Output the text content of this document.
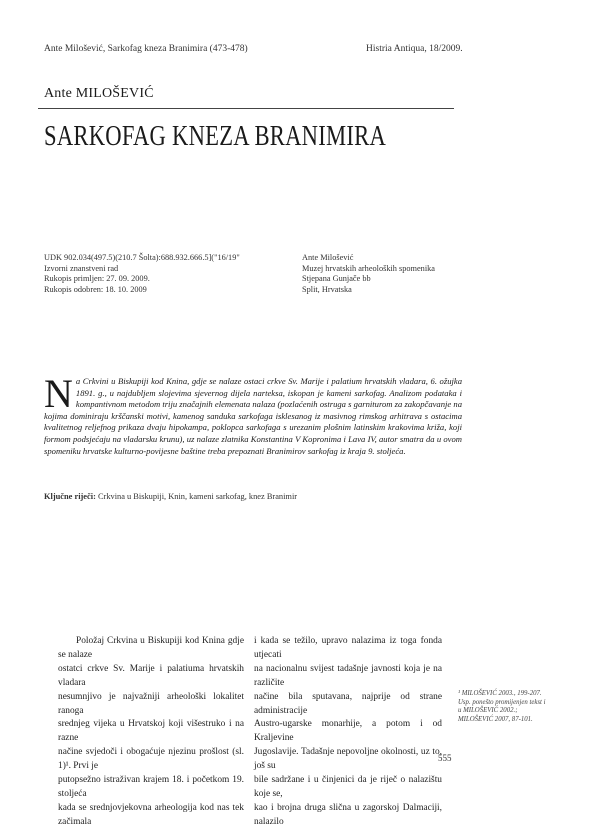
Ante Milošević, Sarkofag kneza Branimira (473-478)	Histria Antiqua, 18/2009.
Ante MILOŠEVIĆ
SARKOFAG KNEZA BRANIMIRA
UDK 902.034(497.5)(210.7 Šolta):688.932.666.5]("16/19"
Izvorni znanstveni rad
Rukopis primljen: 27. 09. 2009.
Rukopis odobren: 18. 10. 2009
Ante Milošević
Muzej hrvatskih arheoloških spomenika
Stjepana Gunjače bb
Split, Hrvatska
Na Crkvini u Biskupiji kod Knina, gdje se nalaze ostaci crkve Sv. Marije i palatium hrvatskih vladara, 6. ožujka 1891. g., u najdubljem slojevima sjevernog dijela narteksa, iskopan je kameni sarkofag. Analizom podataka i kompantivnom metodom triju značajnih elemenata nalaza (pozlaćenih ostruga s garniturom za zakopčavanje na kojima dominiraju krščanski motivi, kamenog sanduka sarkofaga isklesanog iz masivnog rimskog arhitrava s ostacima kvalitetnog reljefnog prikaza dvaju hipokampa, poklopca sarkofaga s urezanim plošnim latinskim krakovima križa, koji formom podsjećaju na vladarsku krunu), uz nalaze zlatnika Konstantina V Kopronima i Lava IV, autor smatra da u ovom spomeniku hrvatske kulturno-povijesne baštine treba prepoznati Branimirov sarkofag iz kraja 9. stoljeća.
Ključne riječi: Crkvina u Biskupiji, Knin, kameni sarkofag, knez Branimir
Položaj Crkvina u Biskupiji kod Knina gdje se nalaze
ostatci crkve Sv. Marije i palatiuma hrvatskih vladara
nesumnjivo je najvažniji arheološki lokalitet ranoga
srednjeg vijeka u Hrvatskoj koji višestruko i na razne
načine svjedoči i obogaćuje njezinu prošlost (sl. 1)¹. Prvi je
putopsežno istraživan krajem 18. i početkom 19. stoljeća
kada se srednjovjekovna arheologija kod nas tek začimala
i kada se težilo, upravo nalazima iz toga fonda utjecati
na nacionalnu svijest tadašnje javnosti koja je na različite
načine bila sputavana, najprije od strane administracije
Austro-ugarske monarhije, a potom i od Kraljevine
Jugoslavije. Tadašnje nepovoljne okolnosti, uz to, još su
bile sadržane i u činjenici da je riječ o nalazištu koje se,
kao i brojna druga slična u zagorskoj Dalmaciji, nalazilo
¹ MILOŠEVIĆ 2003., 199-207. Usp. ponešto promijenjen tekst i u MILOŠEVIĆ 2002.; MILOŠEVIĆ 2007, 87-101.
555
